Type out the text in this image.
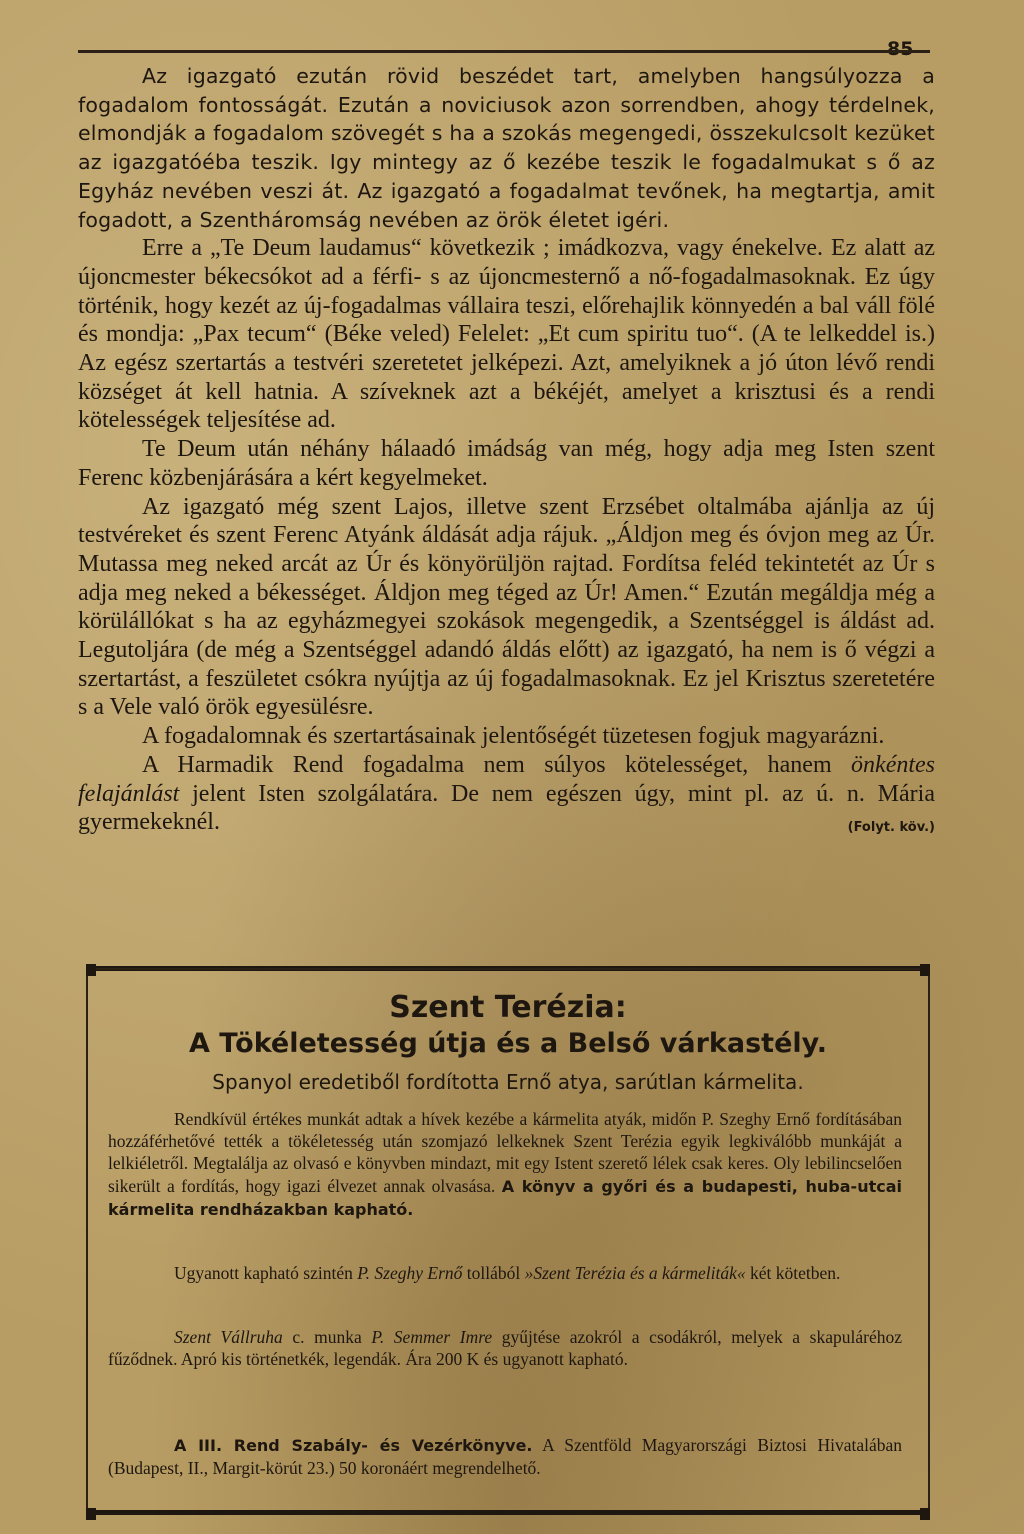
85

Az igazgató ezután rövid beszédet tart, amelyben hangsúlyozza a fogadalom fontosságát. Ezután a noviciusok azon sorrendben, ahogy térdelnek, elmondják a fogadalom szövegét s ha a szokás megengedi, összekulcsolt kezüket az igazgatóéba teszik. Igy mintegy az ő kezébe teszik le fogadalmukat s ő az Egyház nevében veszi át. Az igazgató a fogadalmat tevőnek, ha megtartja, amit fogadott, a Szentháromság nevében az örök életet igéri.

Erre a „Te Deum laudamus“ következik ; imádkozva, vagy énekelve. Ez alatt az újoncmester békecsókot ad a férfi- s az újoncmesternő a nő-fogadalmasoknak. Ez úgy történik, hogy kezét az új-fogadalmas vállaira teszi, előrehajlik könnyedén a bal váll fölé és mondja: „Pax tecum“ (Béke veled) Felelet: „Et cum spiritu tuo“. (A te lelkeddel is.) Az egész szertartás a testvéri szeretetet jelképezi. Azt, amelyiknek a jó úton lévő rendi községet át kell hatnia. A szíveknek azt a békéjét, amelyet a krisztusi és a rendi kötelességek teljesítése ad.

Te Deum után néhány hálaadó imádság van még, hogy adja meg Isten szent Ferenc közbenjárására a kért kegyelmeket.

Az igazgató még szent Lajos, illetve szent Erzsébet oltalmába ajánlja az új testvéreket és szent Ferenc Atyánk áldását adja rájuk. „Áldjon meg és óvjon meg az Úr. Mutassa meg neked arcát az Úr és könyörüljön rajtad. Fordítsa feléd tekintetét az Úr s adja meg neked a békességet. Áldjon meg téged az Úr! Amen.“ Ezután megáldja még a körülállókat s ha az egyházmegyei szokások megengedik, a Szentséggel is áldást ad. Legutoljára (de még a Szentséggel adandó áldás előtt) az igazgató, ha nem is ő végzi a szertartást, a feszületet csókra nyújtja az új fogadalmasoknak. Ez jel Krisztus szeretetére s a Vele való örök egyesülésre.

A fogadalomnak és szertartásainak jelentőségét tüzetesen fogjuk magyarázni.

A Harmadik Rend fogadalma nem súlyos kötelességet, hanem önkéntes felajánlást jelent Isten szolgálatára. De nem egészen úgy, mint pl. az ú. n. Mária gyermekeknél.	(Folyt. köv.)

Szent Terézia:
A Tökéletesség útja és a Belső várkastély.
Spanyol eredetiből fordította Ernő atya, sarútlan kármelita.
Rendkívül értékes munkát adtak a hívek kezébe a kármelita atyák, midőn P. Szeghy Ernő fordításában hozzáférhetővé tették a tökéletesség után szomjazó lelkeknek Szent Terézia egyik legkiválóbb munkáját a lelkiéletről. Megtalálja az olvasó e könyvben mindazt, mit egy Istent szerető lélek csak keres. Oly lebilincselően sikerült a fordítás, hogy igazi élvezet annak olvasása. A könyv a győri és a budapesti, huba-utcai kármelita rendházakban kapható.
Ugyanott kapható szintén P. Szeghy Ernő tollából »Szent Terézia és a kármeliták« két kötetben.
Szent Vállruha c. munka P. Semmer Imre gyűjtése azokról a csodákról, melyek a skapuláréhoz fűződnek. Apró kis történetkék, legendák. Ára 200 K és ugyanott kapható.
A III. Rend Szabály- és Vezérkönyve. A Szentföld Magyarországi Biztosi Hivatalában (Budapest, II., Margit-körút 23.) 50 koronáért megrendelhető.
